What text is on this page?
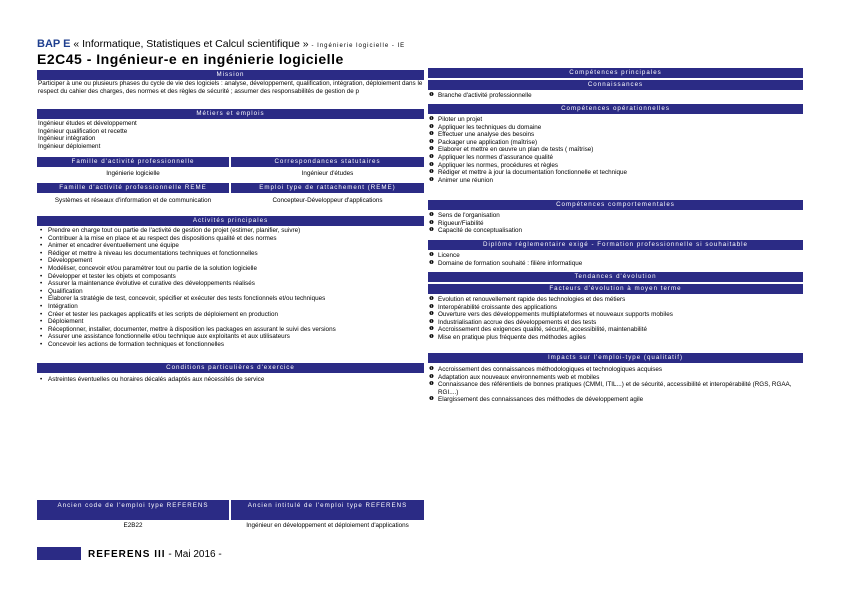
BAP E « Informatique, Statistiques et Calcul scientifique » - Ingénierie logicielle - IE
E2C45 - Ingénieur-e en ingénierie logicielle
Mission
Participer à une ou plusieurs phases du cycle de vie des logiciels : analyse, développement, qualification, intégration, déploiement dans le respect du cahier des charges, des normes et des règles de sécurité ; assumer des responsabilités de gestion de p
Métiers et emplois
Ingénieur études et développement
Ingénieur qualification et recette
Ingénieur intégration
Ingénieur déploiement
Famille d'activité professionnelle	Correspondances statutaires
Ingénierie logicielle	Ingénieur d'études
Famille d'activité professionnelle REME	Emploi type de rattachement (REME)
Systèmes et réseaux d'information et de communication	Concepteur-Développeur d'applications
Activités principales
• Prendre en charge tout ou partie de l'activité de gestion de projet (estimer, planifier, suivre)
• Contribuer à la mise en place et au respect des dispositions qualité et des normes
• Animer et encadrer éventuellement une équipe
• Rédiger et mettre à niveau les documentations techniques et fonctionnelles
• Développement
• Modéliser, concevoir et/ou paramétrer tout ou partie de la solution logicielle
• Développer et tester les objets et composants
• Assurer la maintenance évolutive et curative des développements réalisés
• Qualification
• Elaborer la stratégie de test, concevoir, spécifier et exécuter des tests fonctionnels et/ou techniques
• Intégration
• Créer et tester les packages applicatifs et les scripts de déploiement en production
• Déploiement
• Réceptionner, installer, documenter, mettre à disposition les packages en assurant le suivi des versions
• Assurer une assistance fonctionnelle et/ou technique aux exploitants et aux utilisateurs
• Concevoir les actions de formation techniques et fonctionnelles
Conditions particulières d'exercice
• Astreintes éventuelles ou horaires décalés adaptés aux nécessités de service
Ancien code de l'emploi type REFERENS	Ancien intitulé de l'emploi type REFERENS
E2B22	Ingénieur en développement et déploiement d'applications
Compétences principales
Connaissances
❶ Branche d'activité professionnelle
Compétences opérationnelles
❶ Piloter un projet
❶ Appliquer les techniques du domaine
❶ Effectuer une analyse des besoins
❶ Packager une application (maîtrise)
❶ Elaborer et mettre en œuvre un plan de tests ( maîtrise)
❶ Appliquer les normes d'assurance qualité
❶ Appliquer les normes, procédures et règles
❶ Rédiger et mettre à jour la documentation fonctionnelle et technique
❶ Animer une réunion
Compétences comportementales
❶ Sens de l'organisation
❶ Rigueur/Fiabilité
❶ Capacité de conceptualisation
Diplôme réglementaire exigé - Formation professionnelle si souhaitable
❶ Licence
❶ Domaine de formation souhaité : filière informatique
Tendances d'évolution
Facteurs d'évolution à moyen terme
❶ Evolution et renouvellement rapide des technologies et des métiers
❶ Interopérabilité croissante des applications
❶ Ouverture vers des développements multiplateformes et nouveaux supports mobiles
❶ Industrialisation accrue des développements et des tests
❶ Accroissement des exigences qualité, sécurité, accessibilité, maintenabilité
❶ Mise en pratique plus fréquente des méthodes agiles
Impacts sur l'emploi-type (qualitatif)
❶ Accroissement des connaissances méthodologiques et technologiques acquises
❶ Adaptation aux nouveaux environnements web et mobiles
❶ Connaissance des référentiels de bonnes pratiques (CMMI, ITIL...) et de sécurité, accessibilité et interopérabilité (RGS, RGAA, RGI....)
❶ Elargissement des connaissances des méthodes de développement agile
REFERENS III - Mai 2016 -
